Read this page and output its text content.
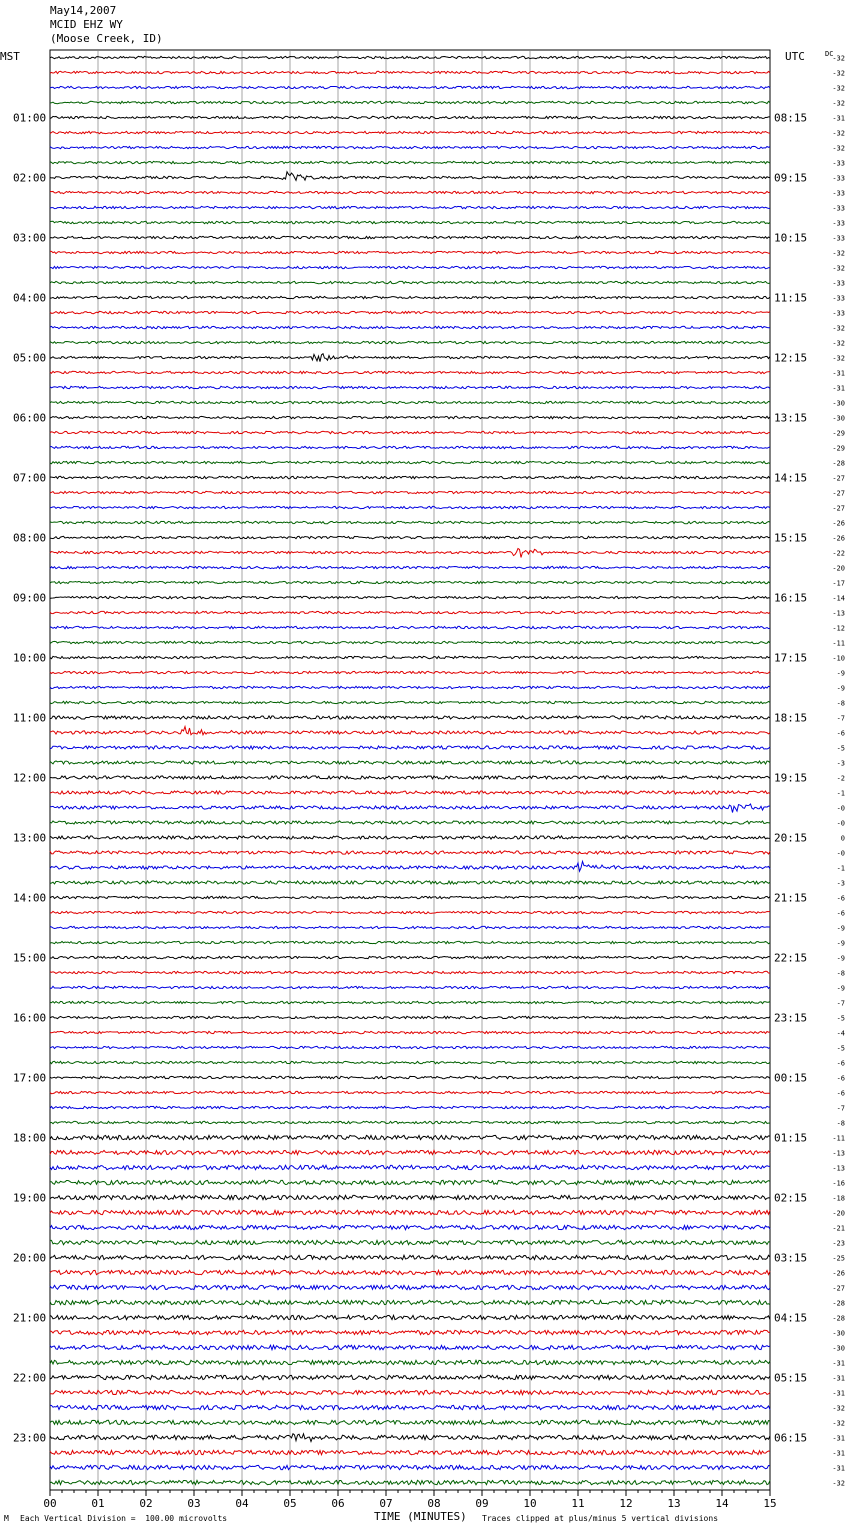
May14,2007
MCID EHZ WY
(Moose Creek, ID)
01:00
02:00
03:00
04:00
05:00
06:00
07:00
08:00
09:00
10:00
11:00
12:00
13:00
14:00
15:00
16:00
17:00
18:00
19:00
20:00
21:00
22:00
23:00
08:15
09:15
10:15
11:15
12:15
13:15
14:15
15:15
16:15
17:15
18:15
19:15
20:15
21:15
22:15
23:15
00:15
01:15
02:15
03:15
04:15
05:15
06:15
-32
-32
-32
-32
-31
-32
-32
-33
-33
-33
-33
-33
-33
-32
-32
-33
-33
-33
-32
-32
-32
-31
-31
-30
-30
-29
-29
-28
-27
-27
-27
-26
-26
-22
-20
-17
-14
-13
-12
-11
-10
-9
-9
-8
-7
-6
-5
-3
-2
-1
-0
-0
0
-0
-1
-3
-6
-6
-9
-9
-9
-8
-9
-7
-5
-4
-5
-6
-6
-6
-7
-8
-11
-13
-13
-16
-18
-20
-21
-23
-25
-26
-27
-28
-28
-30
-30
-31
-31
-31
-32
-32
-31
-31
-31
-32
00	01	02	03	04	05	06	07	08	09	10	11	12	13	14	15
MST	UTC	DC
M Each Vertical Division =  100.00 microvolts	TIME (MINUTES) Traces clipped at plus/minus 5 vertical divisions
